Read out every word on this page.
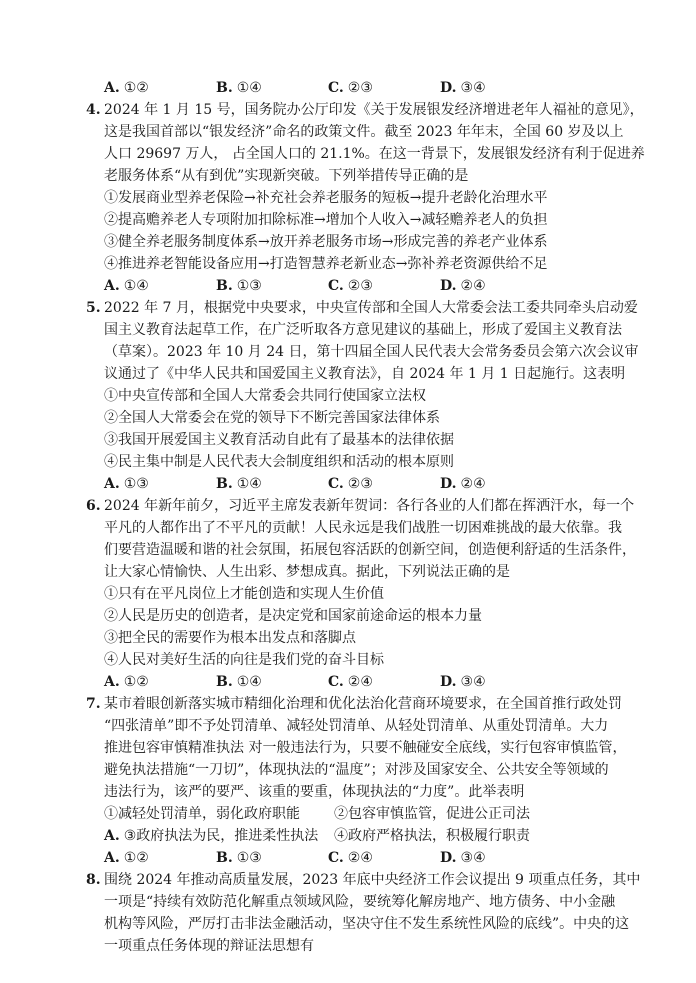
A. ①②	B. ①④	C. ②③	D. ③④
4. 2024 年 1 月 15 号，国务院办公厅印发《关于发展银发经济增进老年人福祉的意见》，
这是我国首部以“银发经济”命名的政策文件。截至 2023 年年末，全国 60 岁及以上
人口 29697 万人， 占全国人口的 21.1%。在这一背景下，发展银发经济有利于促进养
老服务体系“从有到优”实现新突破。下列举措传导正确的是
①发展商业型养老保险→补充社会养老服务的短板→提升老龄化治理水平
②提高赡养老人专项附加扣除标准→增加个人收入→减轻赡养老人的负担
③健全养老服务制度体系→放开养老服务市场→形成完善的养老产业体系
④推进养老智能设备应用→打造智慧养老新业态→弥补养老资源供给不足
A. ①④	B. ①③	C. ②③	D. ②④
5. 2022 年 7 月，根据党中央要求，中央宣传部和全国人大常委会法工委共同牵头启动爱
国主义教育法起草工作，在广泛听取各方意见建议的基础上，形成了爱国主义教育法
（草案）。2023 年 10 月 24 日，第十四届全国人民代表大会常务委员会第六次会议审
议通过了《中华人民共和国爱国主义教育法》，自 2024 年 1 月 1 日起施行。这表明
①中央宣传部和全国人大常委会共同行使国家立法权
②全国人大常委会在党的领导下不断完善国家法律体系
③我国开展爱国主义教育活动自此有了最基本的法律依据
④民主集中制是人民代表大会制度组织和活动的根本原则
A. ①③	B. ①④	C. ②③	D. ②④
6. 2024 年新年前夕，习近平主席发表新年贺词：各行各业的人们都在挥洒汗水，每一个
平凡的人都作出了不平凡的贡献！人民永远是我们战胜一切困难挑战的最大依靠。我
们要营造温暖和谐的社会氛围，拓展包容活跃的创新空间，创造便利舒适的生活条件，
让大家心情愉快、人生出彩、梦想成真。据此，下列说法正确的是
①只有在平凡岗位上才能创造和实现人生价值
②人民是历史的创造者，是决定党和国家前途命运的根本力量
③把全民的需要作为根本出发点和落脚点
④人民对美好生活的向往是我们党的奋斗目标
A. ①②	B. ①④	C. ②④	D. ③④
7. 某市着眼创新落实城市精细化治理和优化法治化营商环境要求，在全国首推行政处罚
“四张清单”即不予处罚清单、减轻处罚清单、从轻处罚清单、从重处罚清单。大力
推进包容审慎精准执法 对一般违法行为，只要不触碰安全底线，实行包容审慎监管，
避免执法措施“一刀切”，体现执法的“温度”；对涉及国家安全、公共安全等领域的
违法行为，该严的要严、该重的要重，体现执法的“力度”。此举表明
①减轻处罚清单，弱化政府职能 ②包容审慎监管，促进公正司法
A. ③政府执法为民，推进柔性执法 ④政府严格执法，积极履行职责
A. ①②	B. ①③	C. ②④	D. ③④
8. 围绕 2024 年推动高质量发展，2023 年底中央经济工作会议提出 9 项重点任务，其中
一项是“持续有效防范化解重点领域风险，要统筹化解房地产、地方债务、中小金融
机构等风险，严厉打击非法金融活动，坚决守住不发生系统性风险的底线”。中央的这
一项重点任务体现的辩证法思想有
